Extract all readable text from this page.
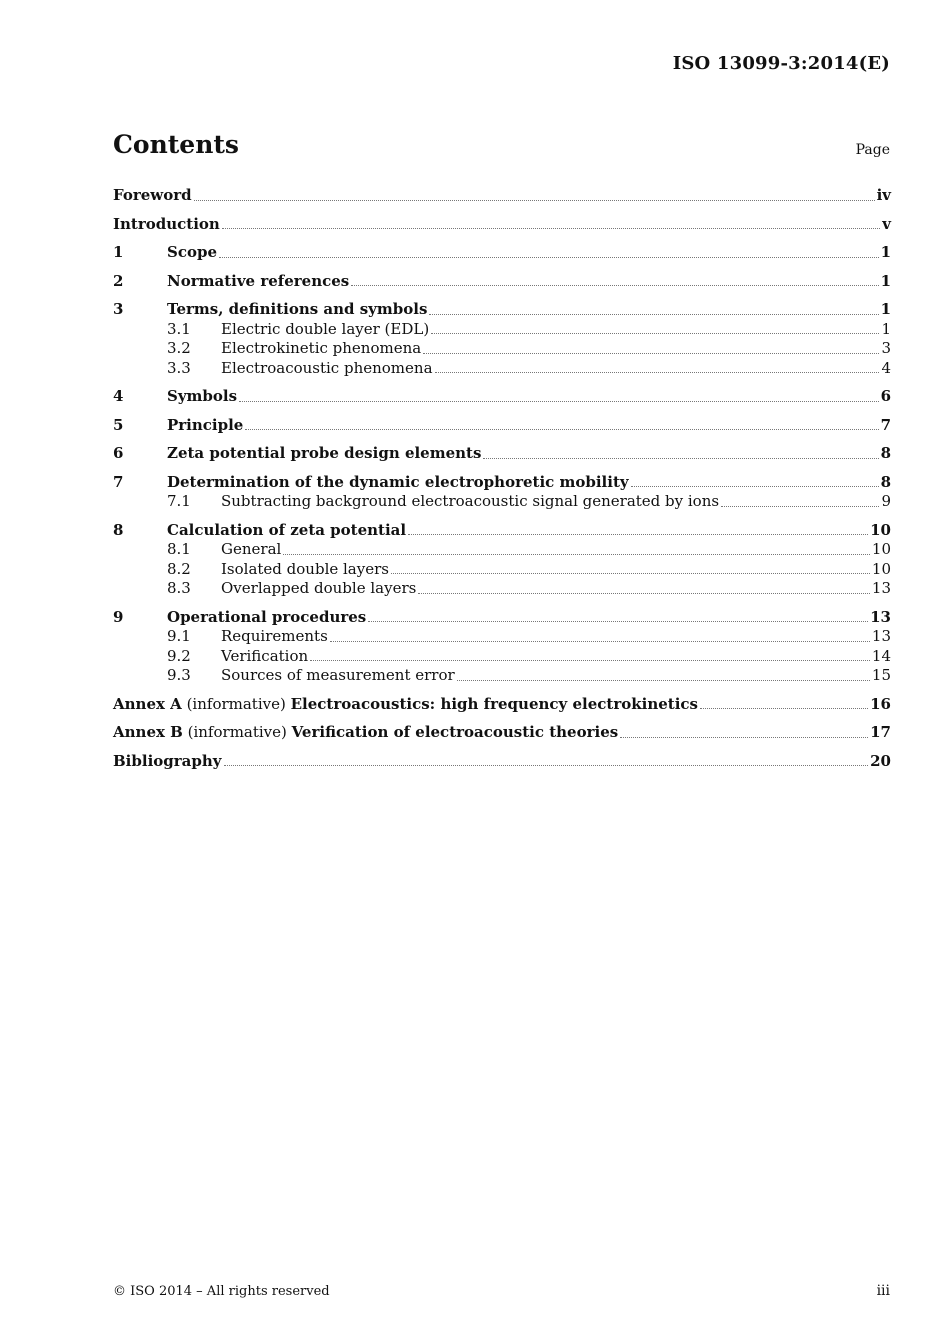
ISO 13099-3:2014(E)
Contents	Page
Foreword	iv
Introduction	v
1	Scope	1
2	Normative references	1
3	Terms, definitions and symbols	1
3.1	Electric double layer (EDL)	1
3.2	Electrokinetic phenomena	3
3.3	Electroacoustic phenomena	4
4	Symbols	6
5	Principle	7
6	Zeta potential probe design elements	8
7	Determination of the dynamic electrophoretic mobility	8
7.1	Subtracting background electroacoustic signal generated by ions	9
8	Calculation of zeta potential	10
8.1	General	10
8.2	Isolated double layers	10
8.3	Overlapped double layers	13
9	Operational procedures	13
9.1	Requirements	13
9.2	Verification	14
9.3	Sources of measurement error	15
Annex A (informative) Electroacoustics: high frequency electrokinetics	16
Annex B (informative) Verification of electroacoustic theories	17
Bibliography	20
© ISO 2014 – All rights reserved	iii
